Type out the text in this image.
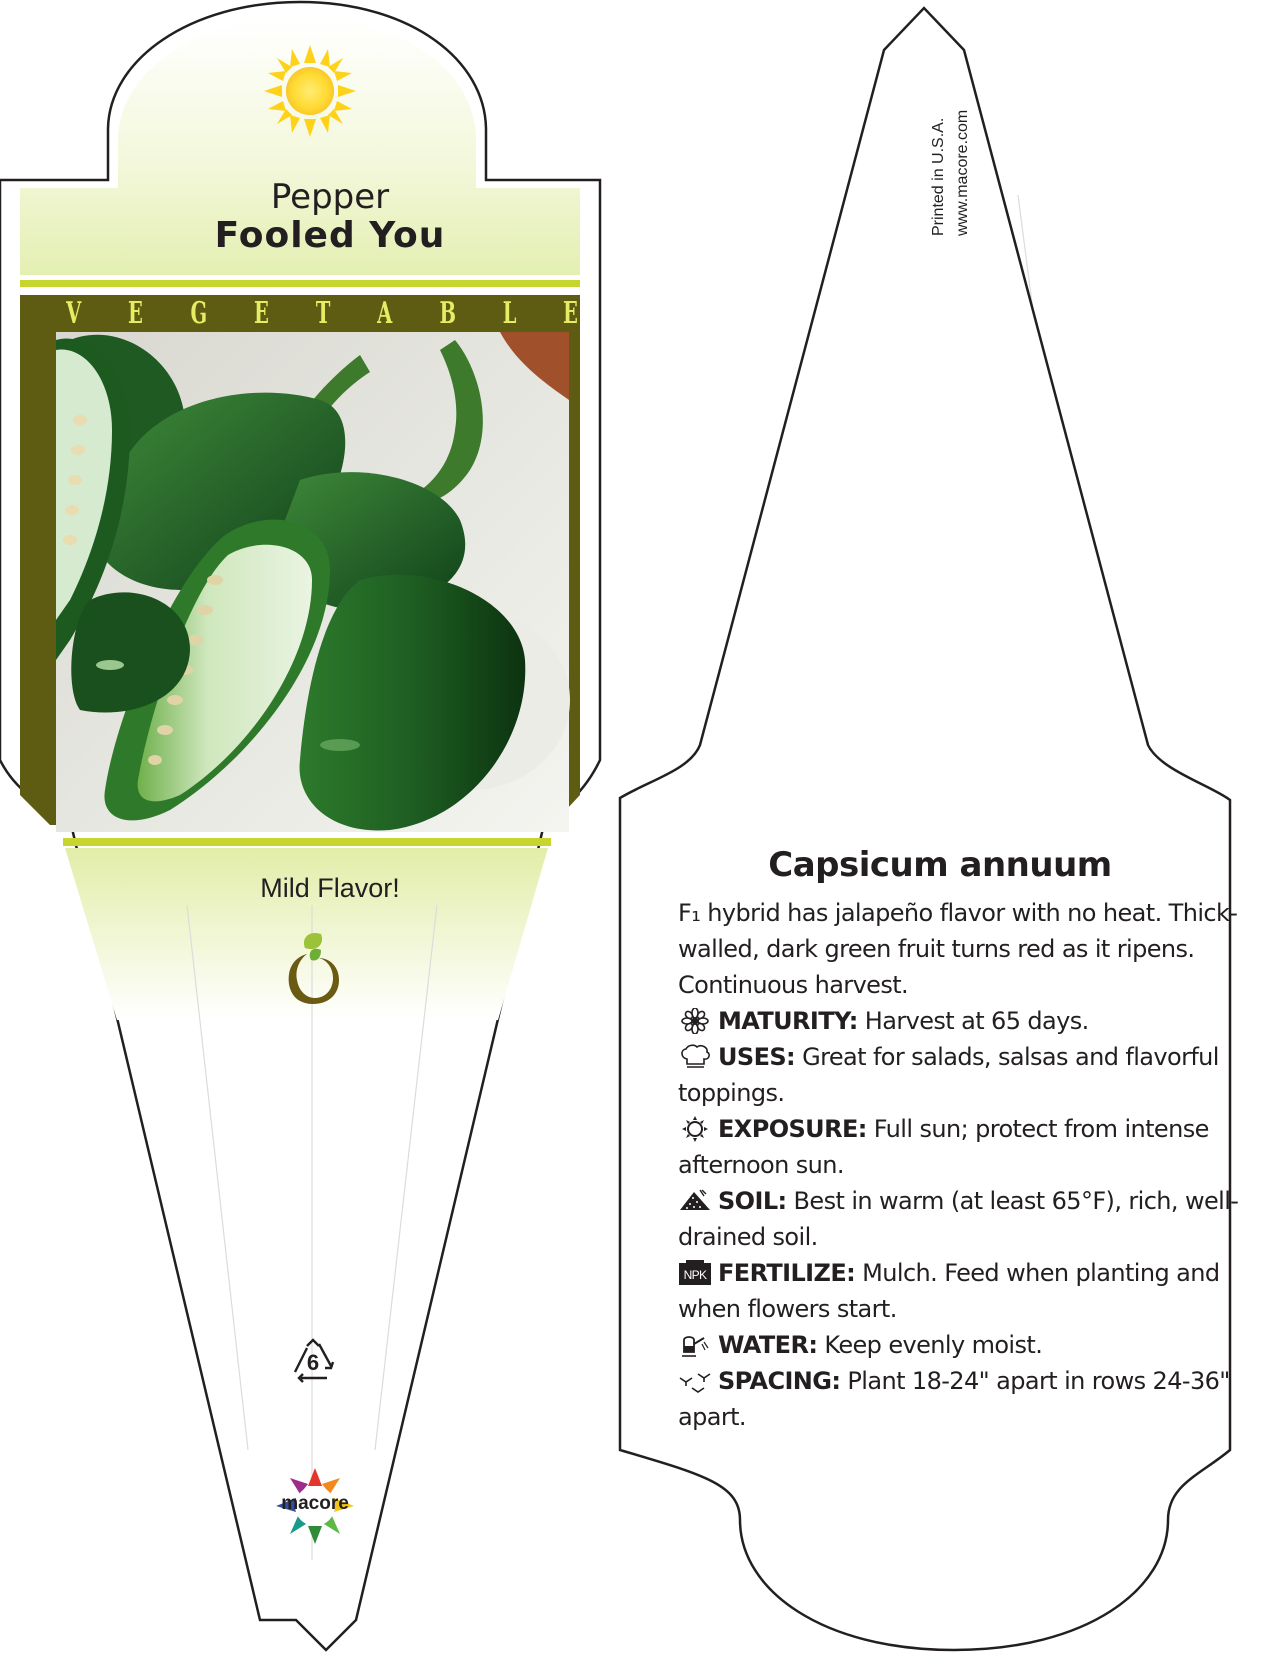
Pepper
Fooled You
V E G E T A B L E
Mild Flavor!
6
macore
Printed in U.S.A. www.macore.com
Capsicum annuum
F₁ hybrid has jalapeño flavor with no heat. Thick-walled, dark green fruit turns red as it ripens. Continuous harvest.
MATURITY: Harvest at 65 days.
USES: Great for salads, salsas and flavorful toppings.
EXPOSURE: Full sun; protect from intense afternoon sun.
SOIL: Best in warm (at least 65°F), rich, well-drained soil.
NPK FERTILIZE: Mulch. Feed when planting and when flowers start.
WATER: Keep evenly moist.
SPACING: Plant 18-24" apart in rows 24-36" apart.
